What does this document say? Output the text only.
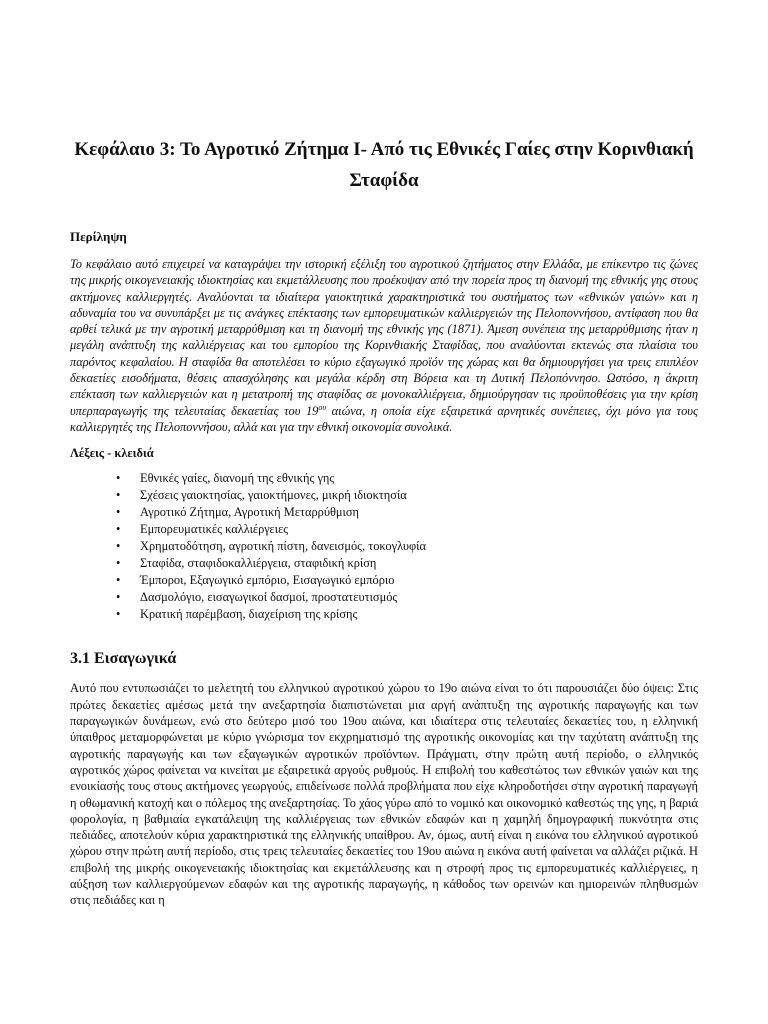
Κεφάλαιο 3: Το Αγροτικό Ζήτημα Ι- Από τις Εθνικές Γαίες στην Κορινθιακή Σταφίδα
Περίληψη

Το κεφάλαιο αυτό επιχειρεί να καταγράψει την ιστορική εξέλιξη του αγροτικού ζητήματος στην Ελλάδα, με επίκεντρο τις ζώνες της μικρής οικογενειακής ιδιοκτησίας και εκμετάλλευσης που προέκυψαν από την πορεία προς τη διανομή της εθνικής γης στους ακτήμονες καλλιεργητές. Αναλύονται τα ιδιαίτερα γαιοκτητικά χαρακτηριστικά του συστήματος των «εθνικών γαιών» και η αδυναμία του να συνυπάρξει με τις ανάγκες επέκτασης των εμπορευματικών καλλιεργειών της Πελοποννήσου, αντίφαση που θα αρθεί τελικά με την αγροτική μεταρρύθμιση και τη διανομή της εθνικής γης (1871). Άμεση συνέπεια της μεταρρύθμισης ήταν η μεγάλη ανάπτυξη της καλλιέργειας και του εμπορίου της Κορινθιακής Σταφίδας, που αναλύονται εκτενώς στα πλαίσια του παρόντος κεφαλαίου. Η σταφίδα θα αποτελέσει το κύριο εξαγωγικό προϊόν της χώρας και θα δημιουργήσει για τρεις επιπλέον δεκαετίες εισοδήματα, θέσεις απασχόλησης και μεγάλα κέρδη στη Βόρεια και τη Δυτική Πελοπόννησο. Ωστόσο, η άκριτη επέκταση των καλλιεργειών και η μετατροπή της σταφίδας σε μονοκαλλιέργεια, δημιούργησαν τις προϋποθέσεις για την κρίση υπερπαραγωγής της τελευταίας δεκαετίας του $19^{o\upsilon}$ αιώνα, η οποία είχε εξαιρετικά αρνητικές συνέπειες, όχι μόνο για τους καλλιεργητές της Πελοποννήσου, αλλά και για την εθνική οικονομία συνολικά.

Λέξεις - κλειδιά
• Εθνικές γαίες, διανομή της εθνικής γης
• Σχέσεις γαιοκτησίας, γαιοκτήμονες, μικρή ιδιοκτησία
• Αγροτικό Ζήτημα, Αγροτική Μεταρρύθμιση
• Εμπορευματικές καλλιέργειες
• Χρηματοδότηση, αγροτική πίστη, δανεισμός, τοκογλυφία
• Σταφίδα, σταφιδοκαλλιέργεια, σταφιδική κρίση
• Έμποροι, Εξαγωγικό εμπόριο, Εισαγωγικό εμπόριο
• Δασμολόγιο, εισαγωγικοί δασμοί, προστατευτισμός
• Κρατική παρέμβαση, διαχείριση της κρίσης
3.1 Εισαγωγικά

Αυτό που εντυπωσιάζει το μελετητή του ελληνικού αγροτικού χώρου το 19ο αιώνα είναι το ότι παρουσιάζει δύο όψεις: Στις πρώτες δεκαετίες αμέσως μετά την ανεξαρτησία διαπιστώνεται μια αργή ανάπτυξη της αγροτικής παραγωγής και των παραγωγικών δυνάμεων, ενώ στο δεύτερο μισό του 19ου αιώνα, και ιδιαίτερα στις τελευταίες δεκαετίες του, η ελληνική ύπαιθρος μεταμορφώνεται με κύριο γνώρισμα τον εκχρηματισμό της αγροτικής οικονομίας και την ταχύτατη ανάπτυξη της αγροτικής παραγωγής και των εξαγωγικών αγροτικών προϊόντων. Πράγματι, στην πρώτη αυτή περίοδο, ο ελληνικός αγροτικός χώρος φαίνεται να κινείται με εξαιρετικά αργούς ρυθμούς. Η επιβολή του καθεστώτος των εθνικών γαιών και της ενοικίασής τους στους ακτήμονες γεωργούς, επιδείνωσε πολλά προβλήματα που είχε κληροδοτήσει στην αγροτική παραγωγή η οθωμανική κατοχή και ο πόλεμος της ανεξαρτησίας. Το χάος γύρω από το νομικό και οικονομικό καθεστώς της γης, η βαριά φορολογία, η βαθμιαία εγκατάλειψη της καλλιέργειας των εθνικών εδαφών και η χαμηλή δημογραφική πυκνότητα στις πεδιάδες, αποτελούν κύρια χαρακτηριστικά της ελληνικής υπαίθρου. Αν, όμως, αυτή είναι η εικόνα του ελληνικού αγροτικού χώρου στην πρώτη αυτή περίοδο, στις τρεις τελευταίες δεκαετίες του 19ου αιώνα η εικόνα αυτή φαίνεται να αλλάζει ριζικά. Η επιβολή της μικρής οικογενειακής ιδιοκτησίας και εκμετάλλευσης και η στροφή προς τις εμπορευματικές καλλιέργειες, η αύξηση των καλλιεργούμενων εδαφών και της αγροτικής παραγωγής, η κάθοδος των ορεινών και ημιορεινών πληθυσμών στις πεδιάδες και η
